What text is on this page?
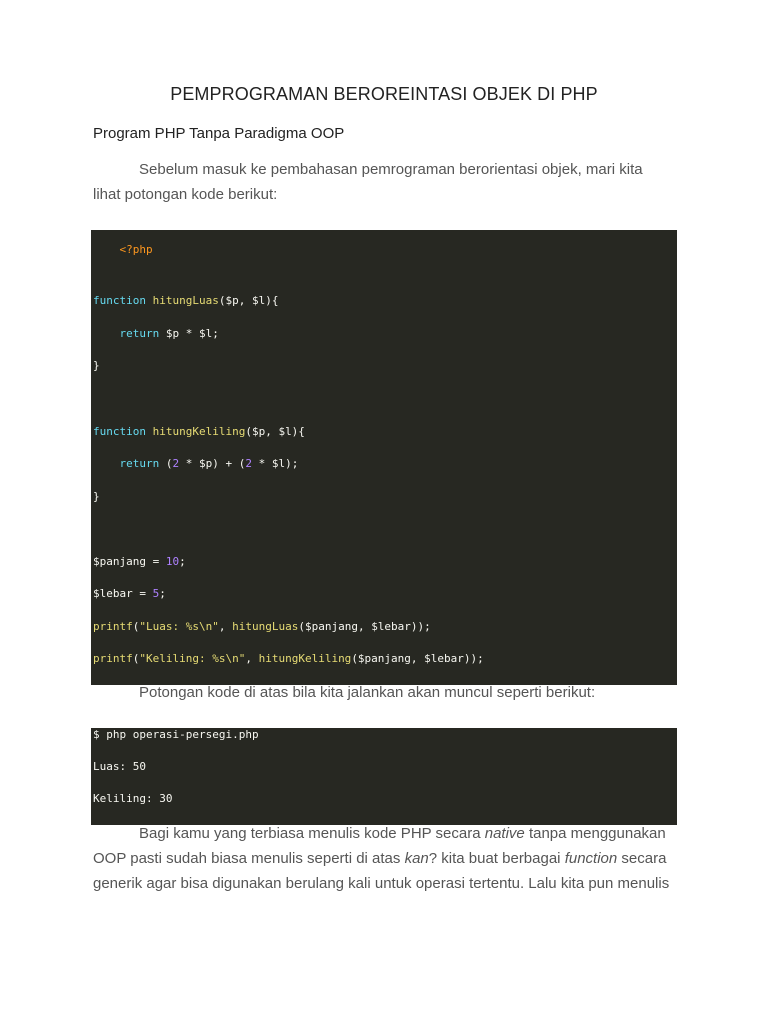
PEMPROGRAMAN BEROREINTASI OBJEK DI PHP
Program PHP Tanpa Paradigma OOP
Sebelum masuk ke pembahasan pemrograman berorientasi objek, mari kita
lihat potongan kode berikut:

<?php

function hitungLuas($p, $l){
return $p * $l;
}
function hitungKeliling($p, $l){
return (2 * $p) + (2 * $l);
}
$panjang = 10;
$lebar = 5;
printf("Luas: %s\n", hitungLuas($panjang, $lebar));
printf("Keliling: %s\n", hitungKeliling($panjang, $lebar));
Potongan kode di atas bila kita jalankan akan muncul seperti berikut:
$ php operasi-persegi.php
Luas: 50
Keliling: 30
Bagi kamu yang terbiasa menulis kode PHP secara native tanpa menggunakan
OOP pasti sudah biasa menulis seperti di atas kan? kita buat berbagai function secara
generik agar bisa digunakan berulang kali untuk operasi tertentu. Lalu kita pun menulis
